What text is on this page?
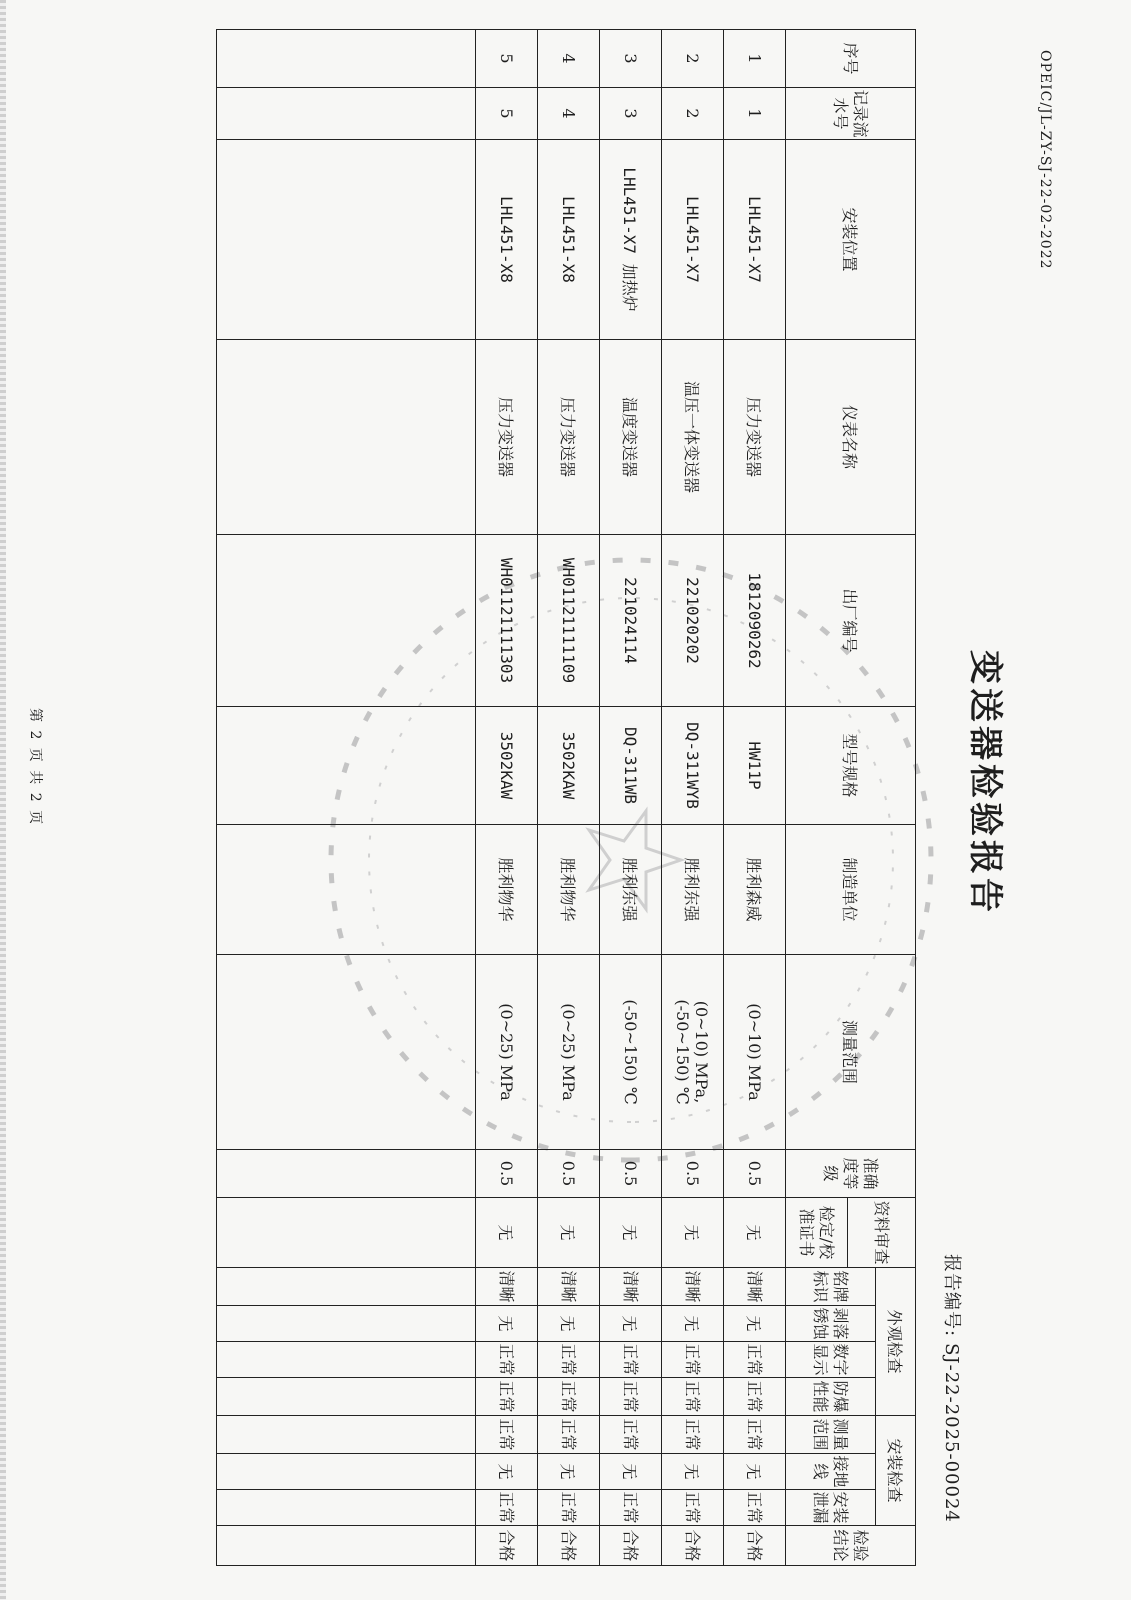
OPEIC/JL-ZY-SJ-22-02-2022
变送器检验报告
报告编号:SJ-22-2025-00024
序号	记录流水号	安装位置	仪表名称	出厂编号	型号规格	制造单位	测量范围	准确度等级	资料审查	外观检查				安装检查			检验结论
										铭牌标识	剥落锈蚀	数字显示	防爆性能	测量范围	接地线	安装泄漏	
									检定/校准证书								
1	1	LHL451-X7	压力变送器	1812090262	HW11P	胜利森威	(0~10) MPa	0.5	无	清晰	无	正常	正常	正常	无	正常	合格
2	2	LHL451-X7	温压一体变送器	221020202	DQ-311WYB	胜利东强	(0~10) MPa,
(-50~150) ℃	0.5	无	清晰	无	正常	正常	正常	无	正常	合格
3	3	LHL451-X7 加热炉	温度变送器	221024114	DQ-311WB	胜利东强	(-50~150) ℃	0.5	无	清晰	无	正常	正常	正常	无	正常	合格
4	4	LHL451-X8	压力变送器	WH01121111109	3502KAW	胜利物华	(0~25) MPa	0.5	无	清晰	无	正常	正常	正常	无	正常	合格
5	5	LHL451-X8	压力变送器	WH01121111303	3502KAW	胜利物华	(0~25) MPa	0.5	无	清晰	无	正常	正常	正常	无	正常	合格

第 2 页 共 2 页
